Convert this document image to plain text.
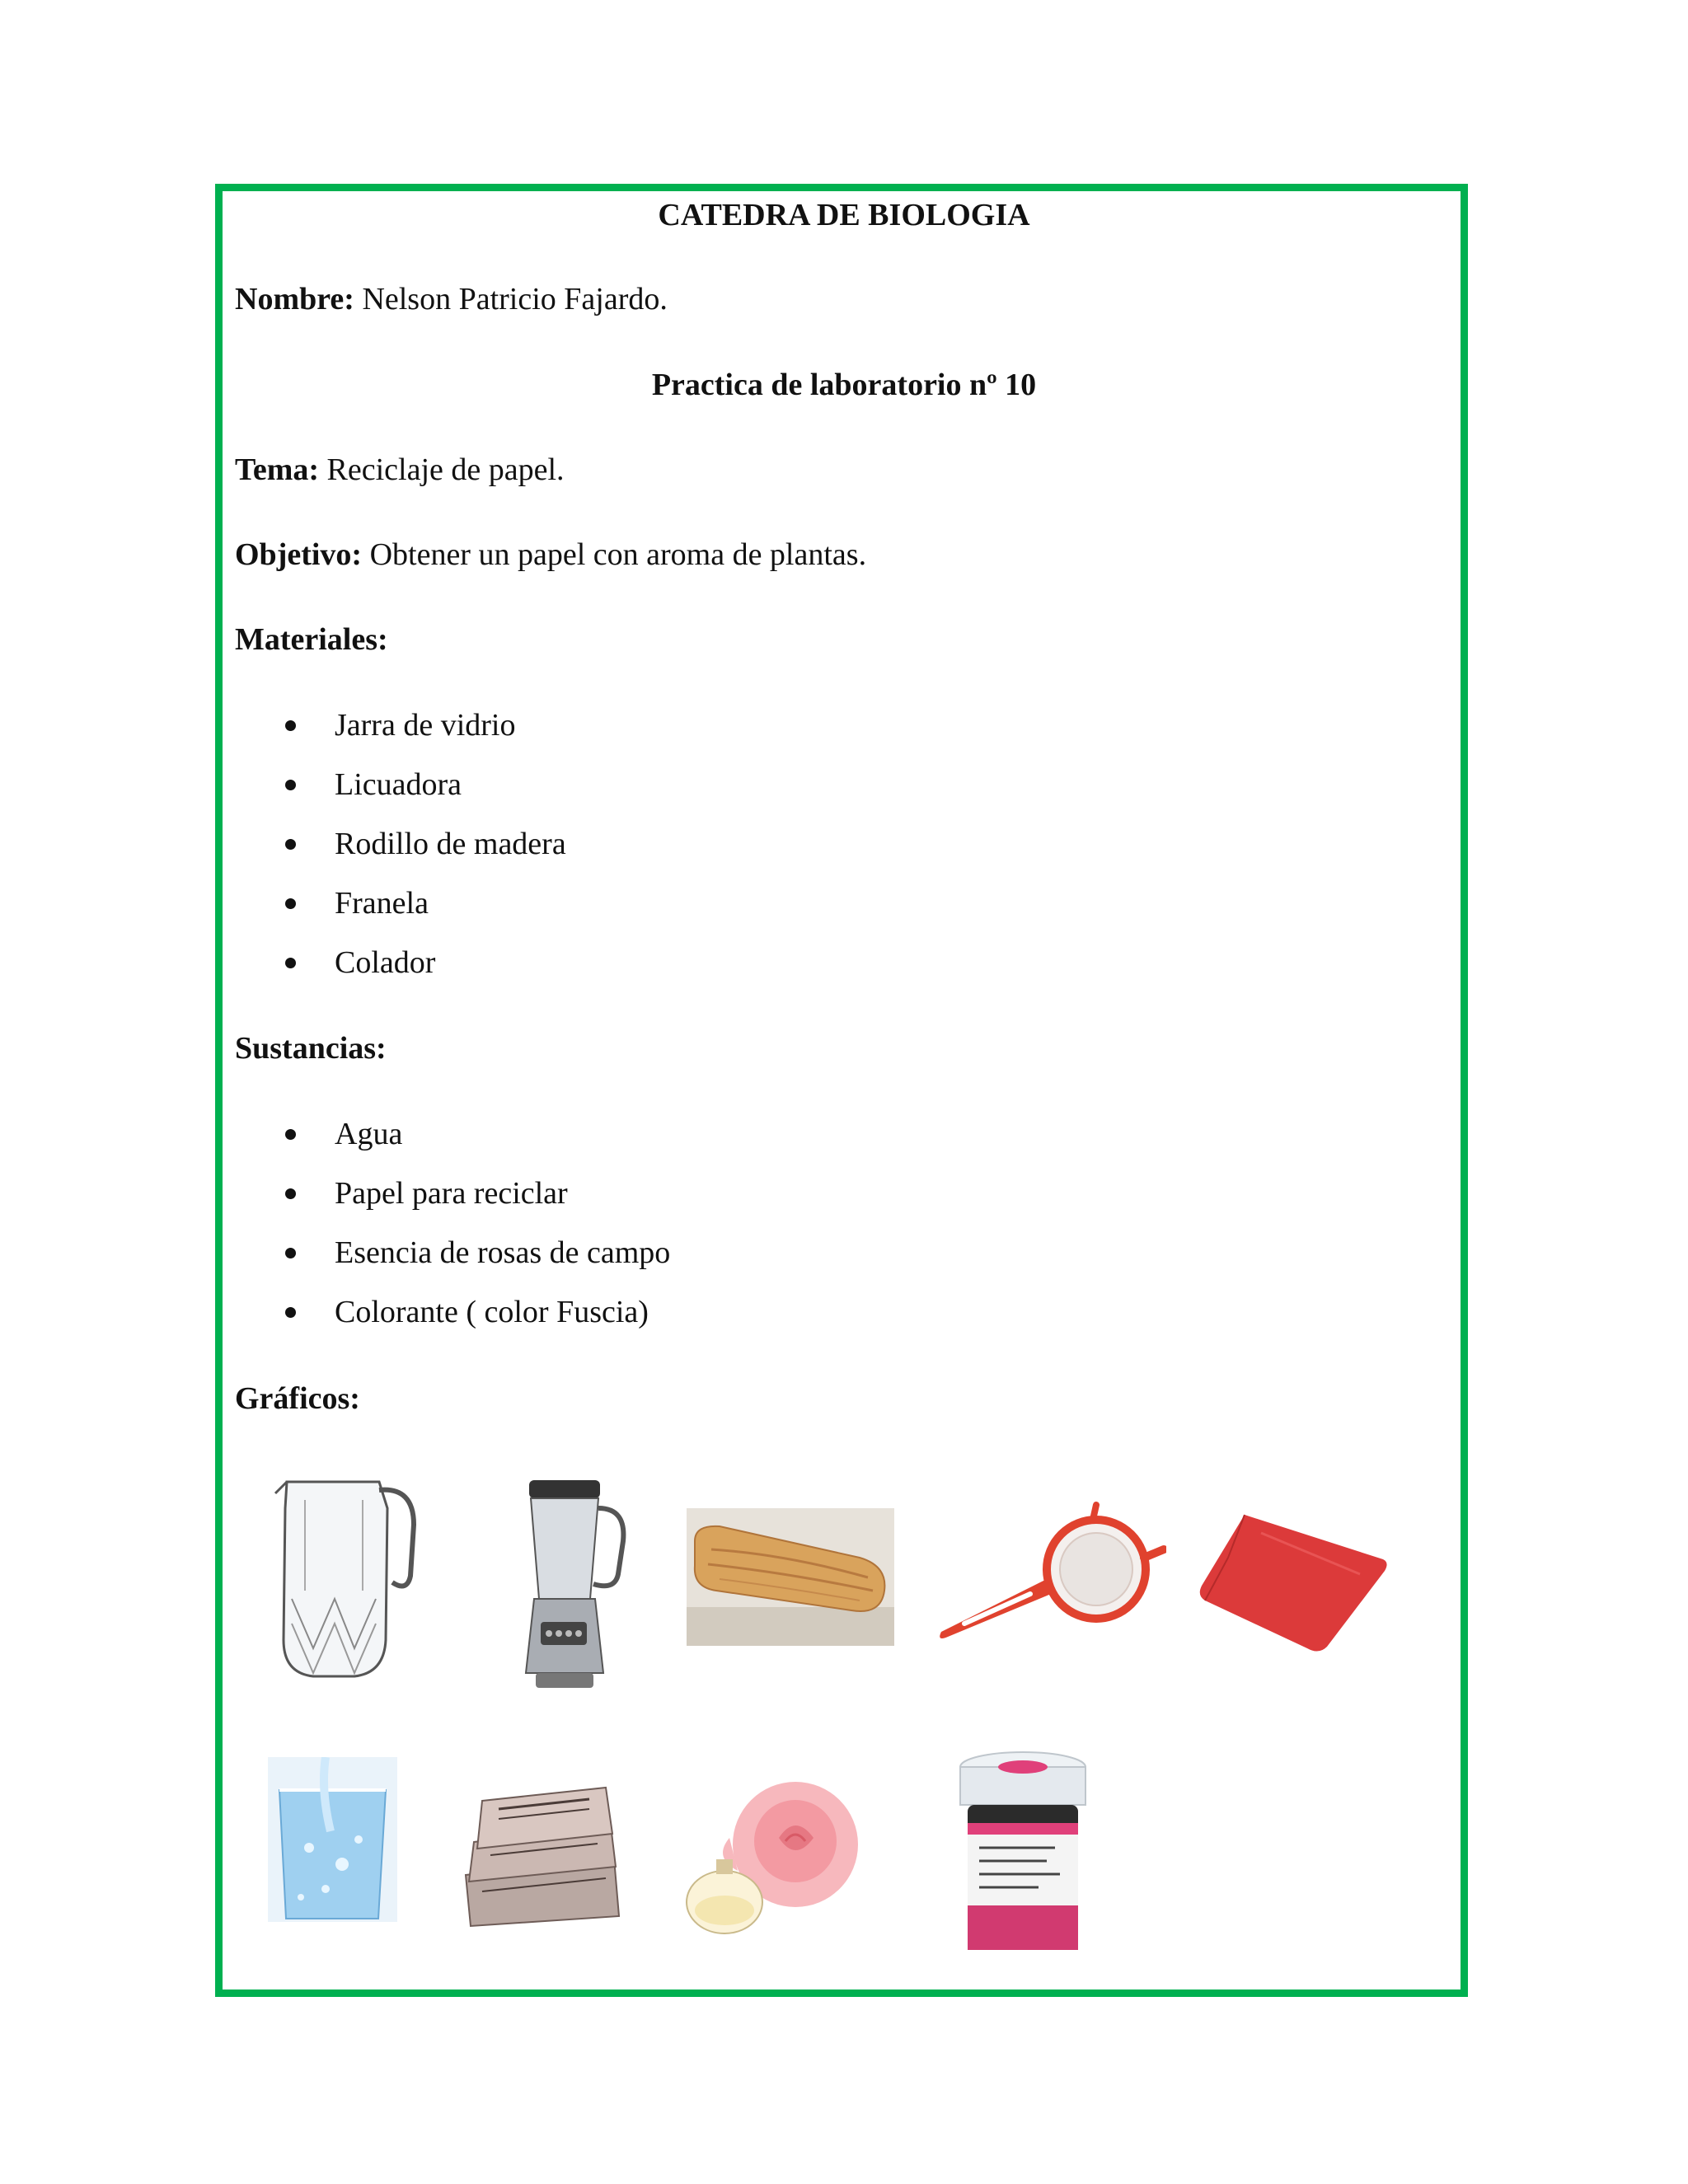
CATEDRA DE BIOLOGIA
Nombre: Nelson Patricio Fajardo.
Practica de laboratorio nº 10
Tema: Reciclaje de papel.
Objetivo: Obtener un papel con aroma de plantas.
Materiales:
Jarra de vidrio
Licuadora
Rodillo de madera
Franela
Colador
Sustancias:
Agua
Papel para reciclar
Esencia de rosas de campo
Colorante ( color Fuscia)
Gráficos:
